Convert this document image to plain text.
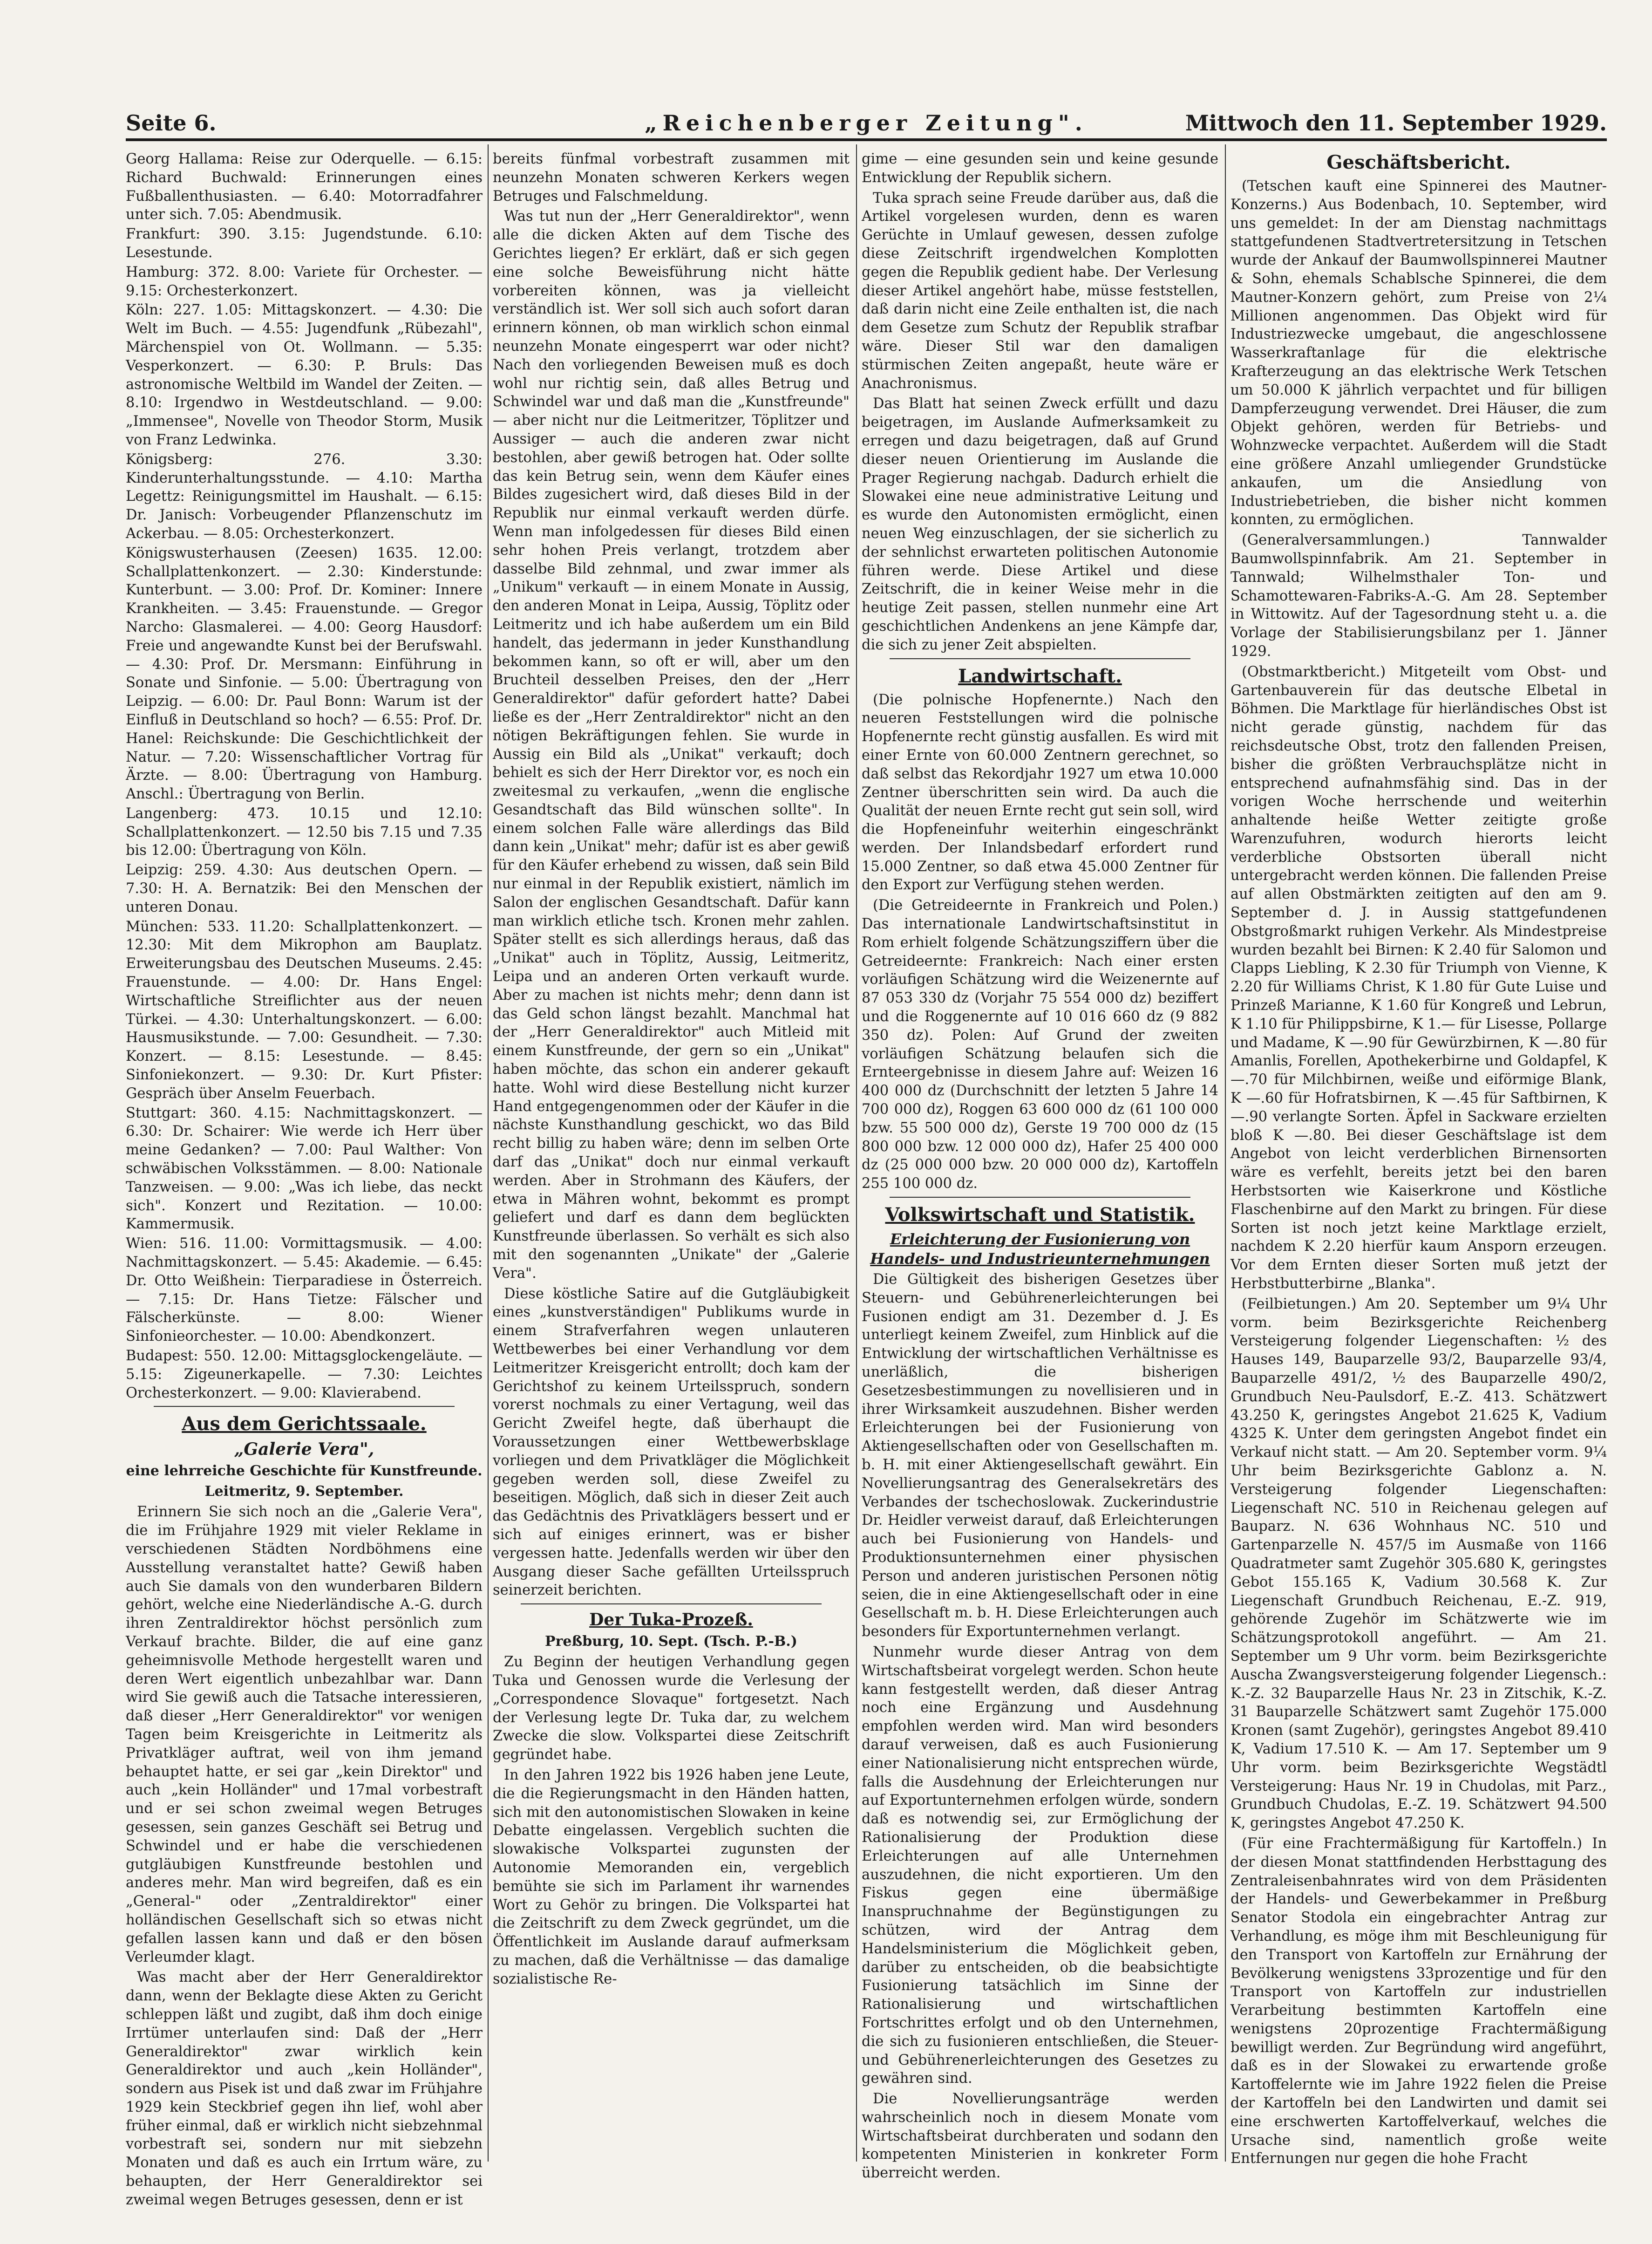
Seite 6.	„Reichenberger Zeitung".	Mittwoch den 11. September 1929.

Georg Hallama: Reise zur Oderquelle. — 6.15: Richard Buchwald: Erinnerungen eines Fußballenthusiasten. — 6.40: Motorradfahrer unter sich. 7.05: Abendmusik.

Frankfurt: 390. 3.15: Jugendstunde. 6.10: Lesestunde.

Hamburg: 372. 8.00: Variete für Orchester. — 9.15: Orchesterkonzert.

Köln: 227. 1.05: Mittagskonzert. — 4.30: Die Welt im Buch. — 4.55: Jugendfunk „Rübezahl", Märchenspiel von Ot. Wollmann. — 5.35: Vesperkonzert. — 6.30: P. Bruls: Das astronomische Weltbild im Wandel der Zeiten. — 8.10: Irgendwo in Westdeutschland. — 9.00: „Immensee", Novelle von Theodor Storm, Musik von Franz Ledwinka.

Königsberg: 276. 3.30: Kinderunterhaltungsstunde. — 4.10: Martha Legettz: Reinigungsmittel im Haushalt. — 6.15: Dr. Janisch: Vorbeugender Pflanzenschutz im Ackerbau. — 8.05: Orchesterkonzert.

Königswusterhausen (Zeesen) 1635. 12.00: Schallplattenkonzert. — 2.30: Kinderstunde: Kunterbunt. — 3.00: Prof. Dr. Kominer: Innere Krankheiten. — 3.45: Frauenstunde. — Gregor Narcho: Glasmalerei. — 4.00: Georg Hausdorf: Freie und angewandte Kunst bei der Berufswahl. — 4.30: Prof. Dr. Mersmann: Einführung in Sonate und Sinfonie. — 5.00: Übertragung von Leipzig. — 6.00: Dr. Paul Bonn: Warum ist der Einfluß in Deutschland so hoch? — 6.55: Prof. Dr. Hanel: Reichskunde: Die Geschichtlichkeit der Natur. — 7.20: Wissenschaftlicher Vortrag für Ärzte. — 8.00: Übertragung von Hamburg. Anschl.: Übertragung von Berlin.

Langenberg: 473. 10.15 und 12.10: Schallplattenkonzert. — 12.50 bis 7.15 und 7.35 bis 12.00: Übertragung von Köln.

Leipzig: 259. 4.30: Aus deutschen Opern. — 7.30: H. A. Bernatzik: Bei den Menschen der unteren Donau.

München: 533. 11.20: Schallplattenkonzert. — 12.30: Mit dem Mikrophon am Bauplatz. Erweiterungsbau des Deutschen Museums. 2.45: Frauenstunde. — 4.00: Dr. Hans Engel: Wirtschaftliche Streiflichter aus der neuen Türkei. — 4.30: Unterhaltungskonzert. — 6.00: Hausmusikstunde. — 7.00: Gesundheit. — 7.30: Konzert. — 8.15: Lesestunde. — 8.45: Sinfoniekonzert. — 9.30: Dr. Kurt Pfister: Gespräch über Anselm Feuerbach.

Stuttgart: 360. 4.15: Nachmittagskonzert. — 6.30: Dr. Schairer: Wie werde ich Herr über meine Gedanken? — 7.00: Paul Walther: Von schwäbischen Volksstämmen. — 8.00: Nationale Tanzweisen. — 9.00: „Was ich liebe, das neckt sich". Konzert und Rezitation. — 10.00: Kammermusik.

Wien: 516. 11.00: Vormittagsmusik. — 4.00: Nachmittagskonzert. — 5.45: Akademie. — 6.45: Dr. Otto Weißhein: Tierparadiese in Österreich. — 7.15: Dr. Hans Tietze: Fälscher und Fälscherkünste. — 8.00: Wiener Sinfonieorchester. — 10.00: Abendkonzert.

Budapest: 550. 12.00: Mittagsglockengeläute. — 5.15: Zigeunerkapelle. — 7.30: Leichtes Orchesterkonzert. — 9.00: Klavierabend.

Aus dem Gerichtssaale.

„Galerie Vera",

eine lehrreiche Geschichte für Kunstfreunde.

Leitmeritz, 9. September.

Erinnern Sie sich noch an die „Galerie Vera", die im Frühjahre 1929 mit vieler Reklame in verschiedenen Städten Nordböhmens eine Ausstellung veranstaltet hatte? Gewiß haben auch Sie damals von den wunderbaren Bildern gehört, welche eine Niederländische A.-G. durch ihren Zentraldirektor höchst persönlich zum Verkauf brachte. Bilder, die auf eine ganz geheimnisvolle Methode hergestellt waren und deren Wert eigentlich unbezahlbar war. Dann wird Sie gewiß auch die Tatsache interessieren, daß dieser „Herr Generaldirektor" vor wenigen Tagen beim Kreisgerichte in Leitmeritz als Privatkläger auftrat, weil von ihm jemand behauptet hatte, er sei gar „kein Direktor" und auch „kein Holländer" und 17mal vorbestraft und er sei schon zweimal wegen Betruges gesessen, sein ganzes Geschäft sei Betrug und Schwindel und er habe die verschiedenen gutgläubigen Kunstfreunde bestohlen und anderes mehr. Man wird begreifen, daß es ein „General-" oder „Zentraldirektor" einer holländischen Gesellschaft sich so etwas nicht gefallen lassen kann und daß er den bösen Verleumder klagt.

Was macht aber der Herr Generaldirektor dann, wenn der Beklagte diese Akten zu Gericht schleppen läßt und zugibt, daß ihm doch einige Irrtümer unterlaufen sind: Daß der „Herr Generaldirektor" zwar wirklich kein Generaldirektor und auch „kein Holländer", sondern aus Pisek ist und daß zwar im Frühjahre 1929 kein Steckbrief gegen ihn lief, wohl aber früher einmal, daß er wirklich nicht siebzehnmal vorbestraft sei, sondern nur mit siebzehn Monaten und daß es auch ein Irrtum wäre, zu behaupten, der Herr Generaldirektor sei zweimal wegen Betruges gesessen, denn er ist

bereits fünfmal vorbestraft zusammen mit neunzehn Monaten schweren Kerkers wegen Betruges und Falschmeldung.

Was tut nun der „Herr Generaldirektor", wenn alle die dicken Akten auf dem Tische des Gerichtes liegen? Er erklärt, daß er sich gegen eine solche Beweisführung nicht hätte vorbereiten können, was ja vielleicht verständlich ist. Wer soll sich auch sofort daran erinnern können, ob man wirklich schon einmal neunzehn Monate eingesperrt war oder nicht? Nach den vorliegenden Beweisen muß es doch wohl nur richtig sein, daß alles Betrug und Schwindel war und daß man die „Kunstfreunde" — aber nicht nur die Leitmeritzer, Töplitzer und Aussiger — auch die anderen zwar nicht bestohlen, aber gewiß betrogen hat. Oder sollte das kein Betrug sein, wenn dem Käufer eines Bildes zugesichert wird, daß dieses Bild in der Republik nur einmal verkauft werden dürfe. Wenn man infolgedessen für dieses Bild einen sehr hohen Preis verlangt, trotzdem aber dasselbe Bild zehnmal, und zwar immer als „Unikum" verkauft — in einem Monate in Aussig, den anderen Monat in Leipa, Aussig, Töplitz oder Leitmeritz und ich habe außerdem um ein Bild handelt, das jedermann in jeder Kunsthandlung bekommen kann, so oft er will, aber um den Bruchteil desselben Preises, den der „Herr Generaldirektor" dafür gefordert hatte? Dabei ließe es der „Herr Zentraldirektor" nicht an den nötigen Bekräftigungen fehlen. Sie wurde in Aussig ein Bild als „Unikat" verkauft; doch behielt es sich der Herr Direktor vor, es noch ein zweitesmal zu verkaufen, „wenn die englische Gesandtschaft das Bild wünschen sollte". In einem solchen Falle wäre allerdings das Bild dann kein „Unikat" mehr; dafür ist es aber gewiß für den Käufer erhebend zu wissen, daß sein Bild nur einmal in der Republik existiert, nämlich im Salon der englischen Gesandtschaft. Dafür kann man wirklich etliche tsch. Kronen mehr zahlen. Später stellt es sich allerdings heraus, daß das „Unikat" auch in Töplitz, Aussig, Leitmeritz, Leipa und an anderen Orten verkauft wurde. Aber zu machen ist nichts mehr; denn dann ist das Geld schon längst bezahlt. Manchmal hat der „Herr Generaldirektor" auch Mitleid mit einem Kunstfreunde, der gern so ein „Unikat" haben möchte, das schon ein anderer gekauft hatte. Wohl wird diese Bestellung nicht kurzer Hand entgegengenommen oder der Käufer in die nächste Kunsthandlung geschickt, wo das Bild recht billig zu haben wäre; denn im selben Orte darf das „Unikat" doch nur einmal verkauft werden. Aber in Strohmann des Käufers, der etwa in Mähren wohnt, bekommt es prompt geliefert und darf es dann dem beglückten Kunstfreunde überlassen. So verhält es sich also mit den sogenannten „Unikate" der „Galerie Vera".

Diese köstliche Satire auf die Gutgläubigkeit eines „kunstverständigen" Publikums wurde in einem Strafverfahren wegen unlauteren Wettbewerbes bei einer Verhandlung vor dem Leitmeritzer Kreisgericht entrollt; doch kam der Gerichtshof zu keinem Urteilsspruch, sondern vorerst nochmals zu einer Vertagung, weil das Gericht Zweifel hegte, daß überhaupt die Voraussetzungen einer Wettbewerbsklage vorliegen und dem Privatkläger die Möglichkeit gegeben werden soll, diese Zweifel zu beseitigen. Möglich, daß sich in dieser Zeit auch das Gedächtnis des Privatklägers bessert und er sich auf einiges erinnert, was er bisher vergessen hatte. Jedenfalls werden wir über den Ausgang dieser Sache gefällten Urteilsspruch seinerzeit berichten.

Der Tuka-Prozeß.

Preßburg, 10. Sept. (Tsch. P.-B.)

Zu Beginn der heutigen Verhandlung gegen Tuka und Genossen wurde die Verlesung der „Correspondence Slovaque" fortgesetzt. Nach der Verlesung legte Dr. Tuka dar, zu welchem Zwecke die slow. Volkspartei diese Zeitschrift gegründet habe.

In den Jahren 1922 bis 1926 haben jene Leute, die die Regierungsmacht in den Händen hatten, sich mit den autonomistischen Slowaken in keine Debatte eingelassen. Vergeblich suchten die slowakische Volkspartei zugunsten der Autonomie Memoranden ein, vergeblich bemühte sie sich im Parlament ihr warnendes Wort zu Gehör zu bringen. Die Volkspartei hat die Zeitschrift zu dem Zweck gegründet, um die Öffentlichkeit im Auslande darauf aufmerksam zu machen, daß die Verhältnisse — das damalige sozialistische Re-

gime — eine gesunden sein und keine gesunde Entwicklung der Republik sichern.

Tuka sprach seine Freude darüber aus, daß die Artikel vorgelesen wurden, denn es waren Gerüchte in Umlauf gewesen, dessen zufolge diese Zeitschrift irgendwelchen Komplotten gegen die Republik gedient habe. Der Verlesung dieser Artikel angehört habe, müsse feststellen, daß darin nicht eine Zeile enthalten ist, die nach dem Gesetze zum Schutz der Republik strafbar wäre. Dieser Stil war den damaligen stürmischen Zeiten angepaßt, heute wäre er Anachronismus.

Das Blatt hat seinen Zweck erfüllt und dazu beigetragen, im Auslande Aufmerksamkeit zu erregen und dazu beigetragen, daß auf Grund dieser neuen Orientierung im Auslande die Prager Regierung nachgab. Dadurch erhielt die Slowakei eine neue administrative Leitung und es wurde den Autonomisten ermöglicht, einen neuen Weg einzuschlagen, der sie sicherlich zu der sehnlichst erwarteten politischen Autonomie führen werde. Diese Artikel und diese Zeitschrift, die in keiner Weise mehr in die heutige Zeit passen, stellen nunmehr eine Art geschichtlichen Andenkens an jene Kämpfe dar, die sich zu jener Zeit abspielten.

Landwirtschaft.

(Die polnische Hopfenernte.) Nach den neueren Feststellungen wird die polnische Hopfenernte recht günstig ausfallen. Es wird mit einer Ernte von 60.000 Zentnern gerechnet, so daß selbst das Rekordjahr 1927 um etwa 10.000 Zentner überschritten sein wird. Da auch die Qualität der neuen Ernte recht gut sein soll, wird die Hopfeneinfuhr weiterhin eingeschränkt werden. Der Inlandsbedarf erfordert rund 15.000 Zentner, so daß etwa 45.000 Zentner für den Export zur Verfügung stehen werden.

(Die Getreideernte in Frankreich und Polen.) Das internationale Landwirtschaftsinstitut in Rom erhielt folgende Schätzungsziffern über die Getreideernte: Frankreich: Nach einer ersten vorläufigen Schätzung wird die Weizenernte auf 87 053 330 dz (Vorjahr 75 554 000 dz) beziffert und die Roggenernte auf 10 016 660 dz (9 882 350 dz). Polen: Auf Grund der zweiten vorläufigen Schätzung belaufen sich die Ernteergebnisse in diesem Jahre auf: Weizen 16 400 000 dz (Durchschnitt der letzten 5 Jahre 14 700 000 dz), Roggen 63 600 000 dz (61 100 000 bzw. 55 500 000 dz), Gerste 19 700 000 dz (15 800 000 bzw. 12 000 000 dz), Hafer 25 400 000 dz (25 000 000 bzw. 20 000 000 dz), Kartoffeln 255 100 000 dz.

Volkswirtschaft und Statistik.

Erleichterung der Fusionierung von Handels- und Industrieunternehmungen

Die Gültigkeit des bisherigen Gesetzes über Steuern- und Gebührenerleichterungen bei Fusionen endigt am 31. Dezember d. J. Es unterliegt keinem Zweifel, zum Hinblick auf die Entwicklung der wirtschaftlichen Verhältnisse es unerläßlich, die bisherigen Gesetzesbestimmungen zu novellisieren und in ihrer Wirksamkeit auszudehnen. Bisher werden Erleichterungen bei der Fusionierung von Aktiengesellschaften oder von Gesellschaften m. b. H. mit einer Aktiengesellschaft gewährt. Ein Novellierungsantrag des Generalsekretärs des Verbandes der tschechoslowak. Zuckerindustrie Dr. Heidler verweist darauf, daß Erleichterungen auch bei Fusionierung von Handels- und Produktionsunternehmen einer physischen Person und anderen juristischen Personen nötig seien, die in eine Aktiengesellschaft oder in eine Gesellschaft m. b. H. Diese Erleichterungen auch besonders für Exportunternehmen verlangt.

Nunmehr wurde dieser Antrag von dem Wirtschaftsbeirat vorgelegt werden. Schon heute kann festgestellt werden, daß dieser Antrag noch eine Ergänzung und Ausdehnung empfohlen werden wird. Man wird besonders darauf verweisen, daß es auch Fusionierung einer Nationalisierung nicht entsprechen würde, falls die Ausdehnung der Erleichterungen nur auf Exportunternehmen erfolgen würde, sondern daß es notwendig sei, zur Ermöglichung der Rationalisierung der Produktion diese Erleichterungen auf alle Unternehmen auszudehnen, die nicht exportieren. Um den Fiskus gegen eine übermäßige Inanspruchnahme der Begünstigungen zu schützen, wird der Antrag dem Handelsministerium die Möglichkeit geben, darüber zu entscheiden, ob die beabsichtigte Fusionierung tatsächlich im Sinne der Rationalisierung und wirtschaftlichen Fortschrittes erfolgt und ob den Unternehmen, die sich zu fusionieren entschließen, die Steuer- und Gebührenerleichterungen des Gesetzes zu gewähren sind.

Die Novellierungsanträge werden wahrscheinlich noch in diesem Monate vom Wirtschaftsbeirat durchberaten und sodann den kompetenten Ministerien in konkreter Form überreicht werden.

Geschäftsbericht.

(Tetschen kauft eine Spinnerei des Mautner-Konzerns.) Aus Bodenbach, 10. September, wird uns gemeldet: In der am Dienstag nachmittags stattgefundenen Stadtvertretersitzung in Tetschen wurde der Ankauf der Baumwollspinnerei Mautner & Sohn, ehemals Schablsche Spinnerei, die dem Mautner-Konzern gehört, zum Preise von 2¼ Millionen angenommen. Das Objekt wird für Industriezwecke umgebaut, die angeschlossene Wasserkraftanlage für die elektrische Krafterzeugung an das elektrische Werk Tetschen um 50.000 K jährlich verpachtet und für billigen Dampferzeugung verwendet. Drei Häuser, die zum Objekt gehören, werden für Betriebs- und Wohnzwecke verpachtet. Außerdem will die Stadt eine größere Anzahl umliegender Grundstücke ankaufen, um die Ansiedlung von Industriebetrieben, die bisher nicht kommen konnten, zu ermöglichen.

(Generalversammlungen.) Tannwalder Baumwollspinnfabrik. Am 21. September in Tannwald; Wilhelmsthaler Ton- und Schamottewaren-Fabriks-A.-G. Am 28. September in Wittowitz. Auf der Tagesordnung steht u. a. die Vorlage der Stabilisierungsbilanz per 1. Jänner 1929.

(Obstmarktbericht.) Mitgeteilt vom Obst- und Gartenbauverein für das deutsche Elbetal in Böhmen. Die Marktlage für hierländisches Obst ist nicht gerade günstig, nachdem für das reichsdeutsche Obst, trotz den fallenden Preisen, bisher die größten Verbrauchsplätze nicht in entsprechend aufnahmsfähig sind. Das in der vorigen Woche herrschende und weiterhin anhaltende heiße Wetter zeitigte große Warenzufuhren, wodurch hierorts leicht verderbliche Obstsorten überall nicht untergebracht werden können. Die fallenden Preise auf allen Obstmärkten zeitigten auf den am 9. September d. J. in Aussig stattgefundenen Obstgroßmarkt ruhigen Verkehr. Als Mindestpreise wurden bezahlt bei Birnen: K 2.40 für Salomon und Clapps Liebling, K 2.30 für Triumph von Vienne, K 2.20 für Williams Christ, K 1.80 für Gute Luise und Prinzeß Marianne, K 1.60 für Kongreß und Lebrun, K 1.10 für Philippsbirne, K 1.— für Lisesse, Pollarge und Madame, K —.90 für Gewürzbirnen, K —.80 für Amanlis, Forellen, Apothekerbirne und Goldapfel, K —.70 für Milchbirnen, weiße und eiförmige Blank, K —.60 für Hofratsbirnen, K —.45 für Saftbirnen, K —.90 verlangte Sorten. Äpfel in Sackware erzielten bloß K —.80. Bei dieser Geschäftslage ist dem Angebot von leicht verderblichen Birnensorten wäre es verfehlt, bereits jetzt bei den baren Herbstsorten wie Kaiserkrone und Köstliche Flaschenbirne auf den Markt zu bringen. Für diese Sorten ist noch jetzt keine Marktlage erzielt, nachdem K 2.20 hierfür kaum Ansporn erzeugen. Vor dem Ernten dieser Sorten muß jetzt der Herbstbutterbirne „Blanka".

(Feilbietungen.) Am 20. September um 9¼ Uhr vorm. beim Bezirksgerichte Reichenberg Versteigerung folgender Liegenschaften: ½ des Hauses 149, Bauparzelle 93/2, Bauparzelle 93/4, Bauparzelle 491/2, ½ des Bauparzelle 490/2, Grundbuch Neu-Paulsdorf, E.-Z. 413. Schätzwert 43.250 K, geringstes Angebot 21.625 K, Vadium 4325 K. Unter dem geringsten Angebot findet ein Verkauf nicht statt. — Am 20. September vorm. 9¼ Uhr beim Bezirksgerichte Gablonz a. N. Versteigerung folgender Liegenschaften: Liegenschaft NC. 510 in Reichenau gelegen auf Bauparz. N. 636 Wohnhaus NC. 510 und Gartenparzelle N. 457/5 im Ausmaße von 1166 Quadratmeter samt Zugehör 305.680 K, geringstes Gebot 155.165 K, Vadium 30.568 K. Zur Liegenschaft Grundbuch Reichenau, E.-Z. 919, gehörende Zugehör im Schätzwerte wie im Schätzungsprotokoll angeführt. — Am 21. September um 9 Uhr vorm. beim Bezirksgerichte Auscha Zwangsversteigerung folgender Liegensch.: K.-Z. 32 Bauparzelle Haus Nr. 23 in Zitschik, K.-Z. 31 Bauparzelle Schätzwert samt Zugehör 175.000 Kronen (samt Zugehör), geringstes Angebot 89.410 K, Vadium 17.510 K. — Am 17. September um 9 Uhr vorm. beim Bezirksgerichte Wegstädtl Versteigerung: Haus Nr. 19 in Chudolas, mit Parz., Grundbuch Chudolas, E.-Z. 19. Schätzwert 94.500 K, geringstes Angebot 47.250 K.

(Für eine Frachtermäßigung für Kartoffeln.) In der diesen Monat stattfindenden Herbsttagung des Zentraleisenbahnrates wird von dem Präsidenten der Handels- und Gewerbekammer in Preßburg Senator Stodola ein eingebrachter Antrag zur Verhandlung, es möge ihm mit Beschleunigung für den Transport von Kartoffeln zur Ernährung der Bevölkerung wenigstens 33prozentige und für den Transport von Kartoffeln zur industriellen Verarbeitung bestimmten Kartoffeln eine wenigstens 20prozentige Frachtermäßigung bewilligt werden. Zur Begründung wird angeführt, daß es in der Slowakei zu erwartende große Kartoffelernte wie im Jahre 1922 fielen die Preise der Kartoffeln bei den Landwirten und damit sei eine erschwerten Kartoffelverkauf, welches die Ursache sind, namentlich große weite Entfernungen nur gegen die hohe Fracht
